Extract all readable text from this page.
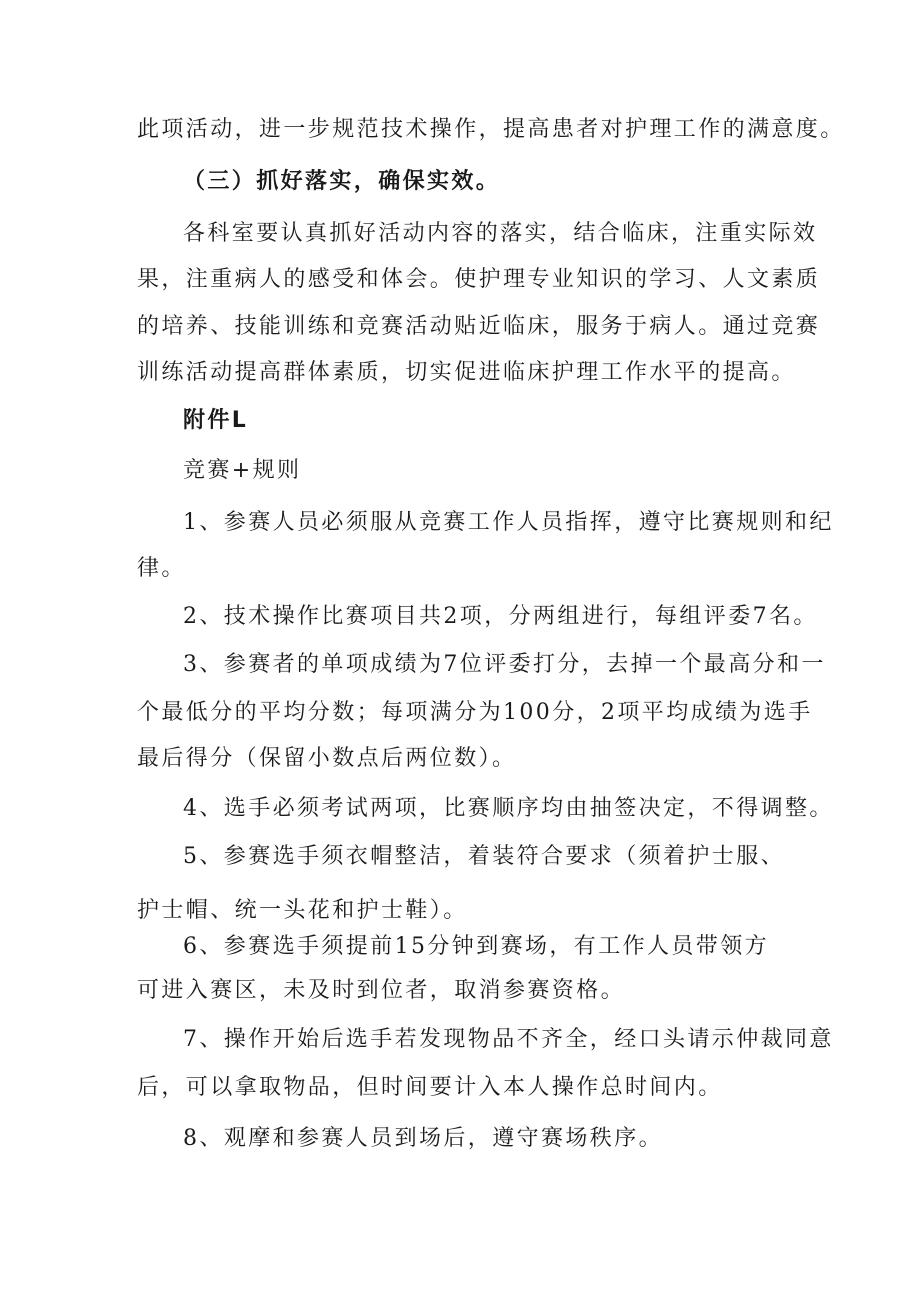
此项活动，进一步规范技术操作，提高患者对护理工作的满意度。
（三）抓好落实，确保实效。
各科室要认真抓好活动内容的落实，结合临床，注重实际效
果，注重病人的感受和体会。使护理专业知识的学习、人文素质
的培养、技能训练和竞赛活动贴近临床，服务于病人。通过竞赛
训练活动提高群体素质，切实促进临床护理工作水平的提高。
附件L
竞赛+规则
1、参赛人员必须服从竞赛工作人员指挥，遵守比赛规则和纪
律。
2、技术操作比赛项目共2项，分两组进行，每组评委7名。
3、参赛者的单项成绩为7位评委打分，去掉一个最高分和一
个最低分的平均分数；每项满分为100分，2项平均成绩为选手
最后得分（保留小数点后两位数）。
4、选手必须考试两项，比赛顺序均由抽签决定，不得调整。
5、参赛选手须衣帽整洁，着装符合要求（须着护士服、
护士帽、统一头花和护士鞋）。
6、参赛选手须提前15分钟到赛场，有工作人员带领方
可进入赛区，未及时到位者，取消参赛资格。
7、操作开始后选手若发现物品不齐全，经口头请示仲裁同意
后，可以拿取物品，但时间要计入本人操作总时间内。
8、观摩和参赛人员到场后，遵守赛场秩序。
